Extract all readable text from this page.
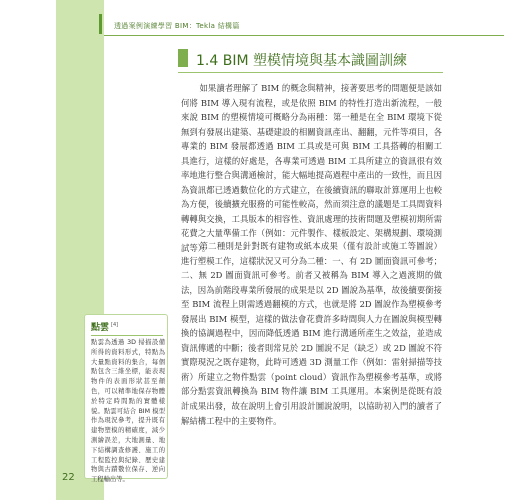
透過案例演練學習 BIM：Tekla 結構篇
1.4 BIM 塑模情境與基本識圖訓練
如果讀者理解了 BIM 的概念與精神，接著要思考的問題便是該如何將 BIM 導入現有流程，或是依照 BIM 的特性打造出新流程，一般來說 BIM 的塑模情境可概略分為兩種：第一種是在全 BIM 環境下從無到有發展出建築、基礎建設的相關資訊產出、翻翻，元件等項目，各專業的 BIM 發展都透過 BIM 工具或是可與 BIM 工具搭轉的相關工具進行，這樣的好處是，各專業可透過 BIM 工具所建立的資訊很有效率地進行整合與溝通檢討，能大幅地提高過程中產出的一致性，而且因為資訊都已透過數位化的方式建立，在後續資訊的聯取計算運用上也較為方便，後續擴充服務的可能性較高，然而須注意的議題是工具間資料轉轉與交換，工具版本的相容性、資訊處理的技術問題及塑模初期所需花費之大量準備工作（例如：元件製作、樣板設定、架構規劃、環境測試等）。
第二種則是針對既有建物或紙本成果（僅有設計或施工等圖說）進行塑模工作，這樣狀況又可分為二種：一、有 2D 圖面資訊可參考；二、無 2D 圖面資訊可參考。前者又被稱為 BIM 導入之過渡期的做法，因為前階段專業所發展的成果是以 2D 圖說為基準，故後續要銜接至 BIM 流程上則需透過翻模的方式，也就是將 2D 圖說作為塑模參考發展出 BIM 模型，這樣的做法會花費許多時間與人力在圖說與模型轉換的協調過程中，因而降低透過 BIM 進行溝通所產生之效益，並造成資訊傳遞的中斷；後者則常見於 2D 圖說不足（缺乏）或 2D 圖說不符實際現況之既存建物，此時可透過 3D 測量工作（例如：雷射掃描等技術）所建立之物件點雲（point cloud）資訊作為塑模參考基準，或將部分點雲資訊轉換為 BIM 物件讓 BIM 工具運用。本案例是從既有設計成果出發，故在說明上會引用設計圖說說明，以協助初入門的讀者了解結構工程中的主要物件。
點雲 [4]
點雲為透過 3D 掃描設備所得的資料形式，特點為大量點資料的集合，每個點包含三維坐標，能表現物件的表面形狀甚至顏色，可以精準地保存物體於特定時間點的實體樣貌。點雲可結合 BIM 模型作為現況參考，提升既有建物塑模的精確度，減少測繪誤差，大地測量、地下結構調查修護、施工的工程監控與紀錄、歷史建物與古蹟數位保存、逆向工程輸出等。
22
